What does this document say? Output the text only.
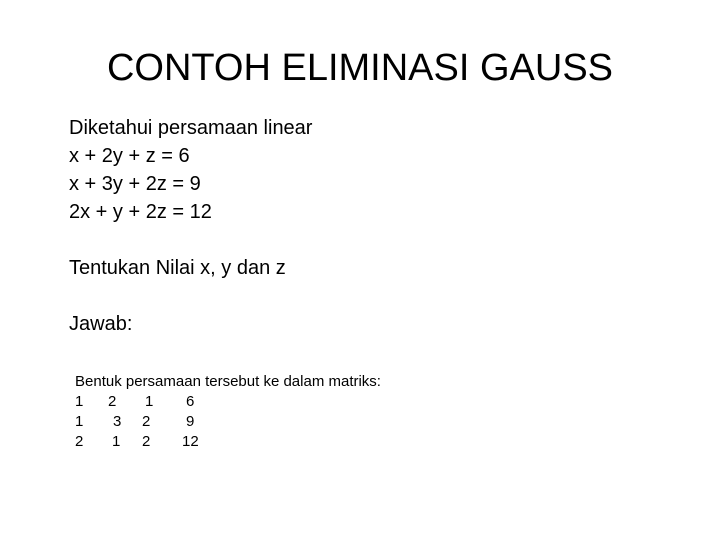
CONTOH ELIMINASI GAUSS
Diketahui persamaan linear
x + 2y + z = 6
x + 3y + 2z = 9
2x + y + 2z = 12
Tentukan Nilai x, y dan z
Jawab:
Bentuk persamaan tersebut ke dalam matriks:
1 2 1 6
1 3 2 9
2 1 2 12
